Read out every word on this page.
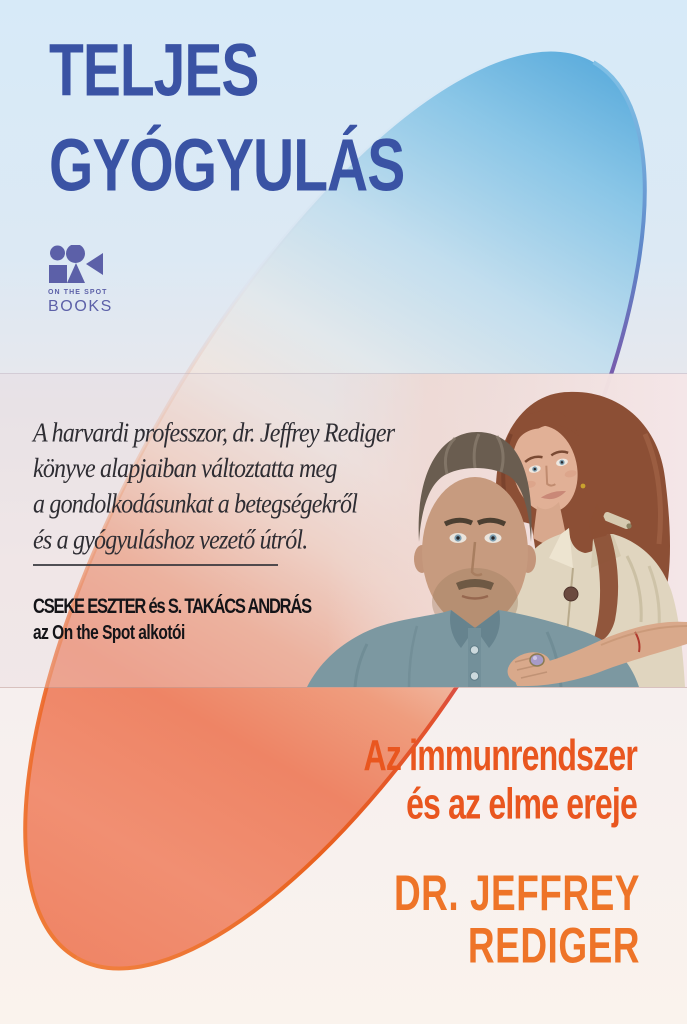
TELJES
GYÓGYULÁS
ON THE SPOT
BOOKS
A harvardi professzor, dr. Jeffrey Rediger
könyve alapjaiban változtatta meg
a gondolkodásunkat a betegségekről
és a gyógyuláshoz vezető útról.
CSEKE ESZTER és S. TAKÁCS ANDRÁS
az On the Spot alkotói
Az immunrendszer
és az elme ereje
DR. JEFFREY
REDIGER
